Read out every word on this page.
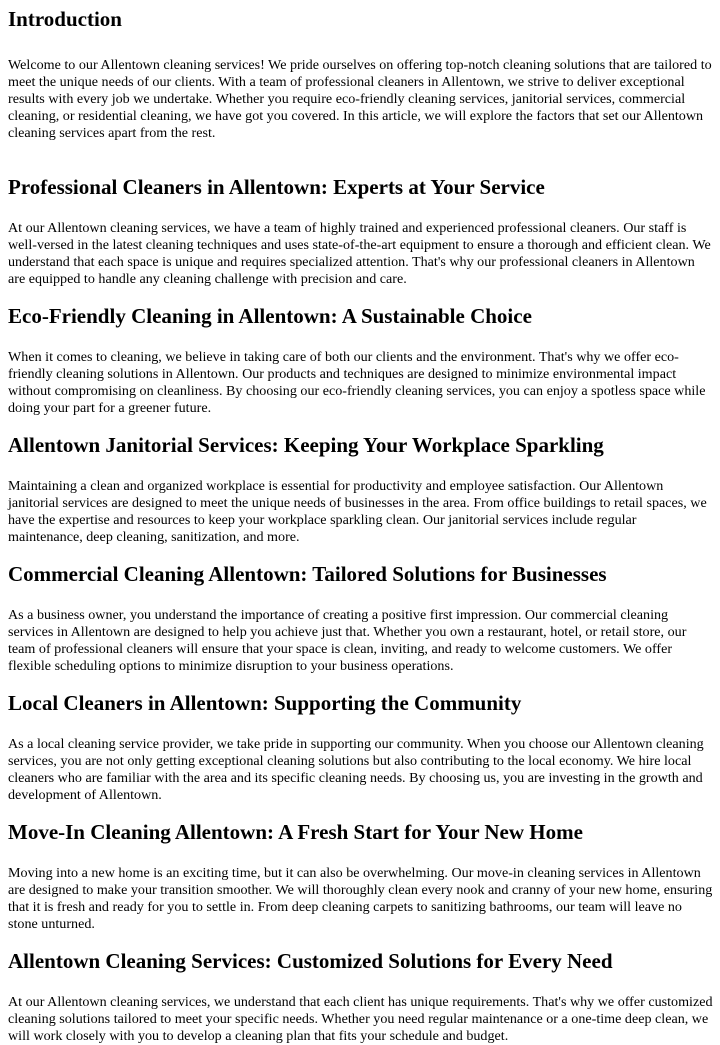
Introduction

Welcome to our Allentown cleaning services! We pride ourselves on offering top-notch cleaning solutions that are tailored to meet the unique needs of our clients. With a team of professional cleaners in Allentown, we strive to deliver exceptional results with every job we undertake. Whether you require eco-friendly cleaning services, janitorial services, commercial cleaning, or residential cleaning, we have got you covered. In this article, we will explore the factors that set our Allentown cleaning services apart from the rest.

Professional Cleaners in Allentown: Experts at Your Service

At our Allentown cleaning services, we have a team of highly trained and experienced professional cleaners. Our staff is well-versed in the latest cleaning techniques and uses state-of-the-art equipment to ensure a thorough and efficient clean. We understand that each space is unique and requires specialized attention. That's why our professional cleaners in Allentown are equipped to handle any cleaning challenge with precision and care.

Eco-Friendly Cleaning in Allentown: A Sustainable Choice

When it comes to cleaning, we believe in taking care of both our clients and the environment. That's why we offer eco-friendly cleaning solutions in Allentown. Our products and techniques are designed to minimize environmental impact without compromising on cleanliness. By choosing our eco-friendly cleaning services, you can enjoy a spotless space while doing your part for a greener future.

Allentown Janitorial Services: Keeping Your Workplace Sparkling

Maintaining a clean and organized workplace is essential for productivity and employee satisfaction. Our Allentown janitorial services are designed to meet the unique needs of businesses in the area. From office buildings to retail spaces, we have the expertise and resources to keep your workplace sparkling clean. Our janitorial services include regular maintenance, deep cleaning, sanitization, and more.

Commercial Cleaning Allentown: Tailored Solutions for Businesses

As a business owner, you understand the importance of creating a positive first impression. Our commercial cleaning services in Allentown are designed to help you achieve just that. Whether you own a restaurant, hotel, or retail store, our team of professional cleaners will ensure that your space is clean, inviting, and ready to welcome customers. We offer flexible scheduling options to minimize disruption to your business operations.

Local Cleaners in Allentown: Supporting the Community

As a local cleaning service provider, we take pride in supporting our community. When you choose our Allentown cleaning services, you are not only getting exceptional cleaning solutions but also contributing to the local economy. We hire local cleaners who are familiar with the area and its specific cleaning needs. By choosing us, you are investing in the growth and development of Allentown.

Move-In Cleaning Allentown: A Fresh Start for Your New Home

Moving into a new home is an exciting time, but it can also be overwhelming. Our move-in cleaning services in Allentown are designed to make your transition smoother. We will thoroughly clean every nook and cranny of your new home, ensuring that it is fresh and ready for you to settle in. From deep cleaning carpets to sanitizing bathrooms, our team will leave no stone unturned.

Allentown Cleaning Services: Customized Solutions for Every Need

At our Allentown cleaning services, we understand that each client has unique requirements. That's why we offer customized cleaning solutions tailored to meet your specific needs. Whether you need regular maintenance or a one-time deep clean, we will work closely with you to develop a cleaning plan that fits your schedule and budget.
